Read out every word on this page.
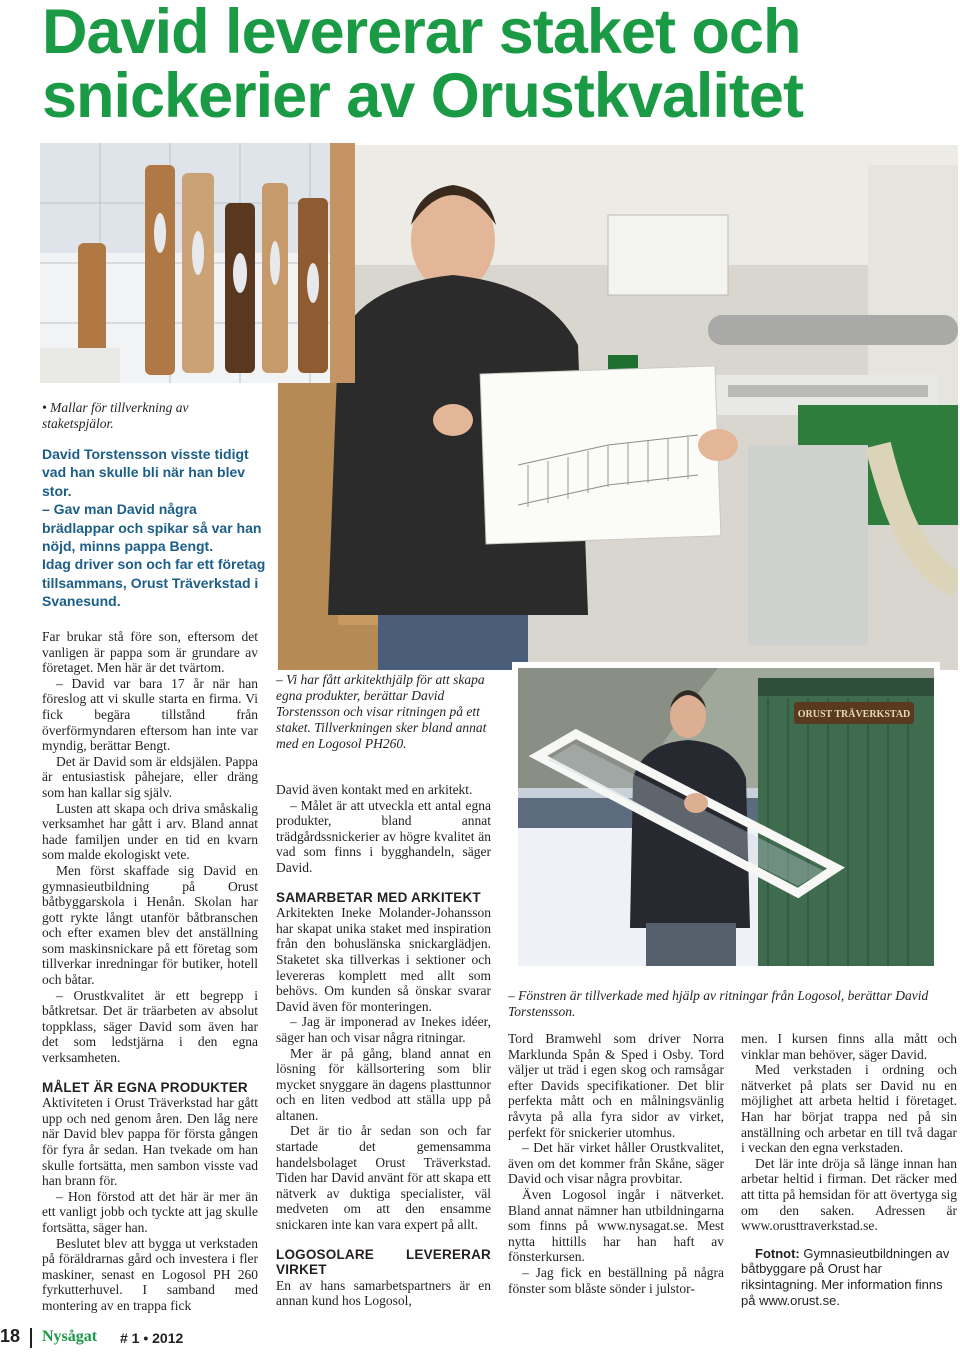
David levererar staket och
snickerier av Orustkvalitet
ORUST TRÄVERKSTAD

• Mallar för tillverkning av staketspjälor.

David Torstensson visste tidigt vad han skulle bli när han blev stor.

– Gav man David några brädlappar och spikar så var han nöjd, minns pappa Bengt.

Idag driver son och far ett företag tillsammans, Orust Träverkstad i Svanesund.

– Vi har fått arkitekthjälp för att skapa egna produkter, berättar David Torstensson och visar ritningen på ett staket. Tillverkningen sker bland annat med en Logosol PH260.

– Fönstren är tillverkade med hjälp av ritningar från Logosol, berättar David Torstensson.

Far brukar stå före son, eftersom det vanligen är pappa som är grundare av företaget. Men här är det tvärtom.

– David var bara 17 år när han föreslog att vi skulle starta en firma. Vi fick begära tillstånd från överförmyndaren eftersom han inte var myndig, berättar Bengt.

Det är David som är eldsjälen. Pappa är entusiastisk påhejare, eller dräng som han kallar sig själv.

Lusten att skapa och driva småskalig verksamhet har gått i arv. Bland annat hade familjen under en tid en kvarn som malde ekologiskt vete.

Men först skaffade sig David en gymnasieutbildning på Orust båtbyggarskola i Henån. Skolan har gott rykte långt utanför båtbranschen och efter examen blev det anställning som maskinsnickare på ett företag som tillverkar inredningar för butiker, hotell och båtar.

– Orustkvalitet är ett begrepp i båtkretsar. Det är träarbeten av absolut toppklass, säger David som även har det som ledstjärna i den egna verksamheten.

MÅLET ÄR EGNA PRODUKTER

Aktiviteten i Orust Träverkstad har gått upp och ned genom åren. Den låg nere när David blev pappa för första gången för fyra år sedan. Han tvekade om han skulle fortsätta, men sambon visste vad han brann för.

– Hon förstod att det här är mer än ett vanligt jobb och tyckte att jag skulle fortsätta, säger han.

Beslutet blev att bygga ut verkstaden på föräldrarnas gård och investera i fler maskiner, senast en Logosol PH 260 fyrkutterhuvel. I samband med montering av en trappa fick

David även kontakt med en arkitekt.

– Målet är att utveckla ett antal egna produkter, bland annat trädgårdssnickerier av högre kvalitet än vad som finns i bygghandeln, säger David.

SAMARBETAR MED ARKITEKT

Arkitekten Ineke Molander-Johansson har skapat unika staket med inspiration från den bohuslänska snickarglädjen. Staketet ska tillverkas i sektioner och levereras komplett med allt som behövs. Om kunden så önskar svarar David även för monteringen.

– Jag är imponerad av Inekes idéer, säger han och visar några ritningar.

Mer är på gång, bland annat en lösning för källsortering som blir mycket snyggare än dagens plasttunnor och en liten vedbod att ställa upp på altanen.

Det är tio år sedan son och far startade det gemensamma handelsbolaget Orust Träverkstad. Tiden har David använt för att skapa ett nätverk av duktiga specialister, väl medveten om att den ensamme snickaren inte kan vara expert på allt.

LOGOSOLARE LEVERERAR VIRKET

En av hans samarbetspartners är en annan kund hos Logosol,

Tord Bramwehl som driver Norra Marklunda Spån & Sped i Osby. Tord väljer ut träd i egen skog och ramsågar efter Davids specifikationer. Det blir perfekta mått och en målningsvänlig råvyta på alla fyra sidor av virket, perfekt för snickerier utomhus.

– Det här virket håller Orustkvalitet, även om det kommer från Skåne, säger David och visar några provbitar.

Även Logosol ingår i nätverket. Bland annat nämner han utbildningarna som finns på www.nysagat.se. Mest nytta hittills har han haft av fönsterkursen.

– Jag fick en beställning på några fönster som blåste sönder i julstor-

men. I kursen finns alla mått och vinklar man behöver, säger David.

Med verkstaden i ordning och nätverket på plats ser David nu en möjlighet att arbeta heltid i företaget. Han har börjat trappa ned på sin anställning och arbetar en till två dagar i veckan den egna verkstaden.

Det lär inte dröja så länge innan han arbetar heltid i firman. Det räcker med att titta på hemsidan för att övertyga sig om den saken. Adressen är www.orusttraverkstad.se.

Fotnot: Gymnasieutbildningen av båtbyggare på Orust har riksintagning. Mer information finns på www.orust.se.

18 Nysågat # 1 • 2012
